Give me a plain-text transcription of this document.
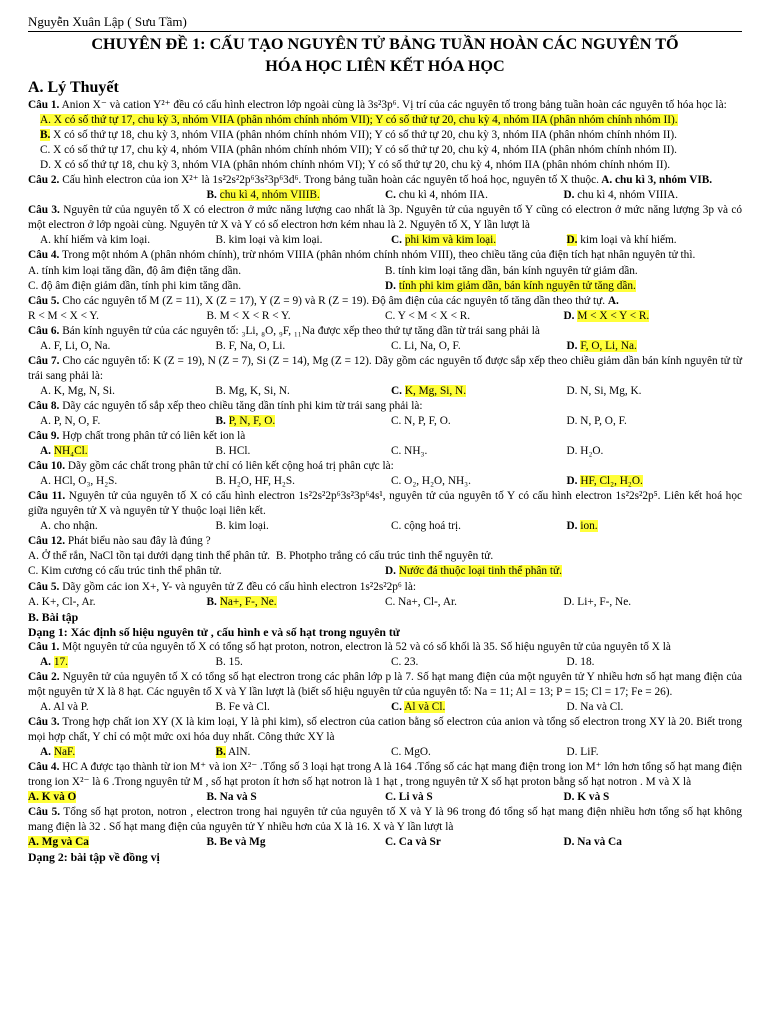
Nguyễn Xuân Lập ( Sưu Tầm)
CHUYÊN ĐỀ 1: CẤU TẠO NGUYÊN TỬ BẢNG TUẦN HOÀN CÁC NGUYÊN TỐ
HÓA HỌC LIÊN KẾT HÓA HỌC
A. Lý Thuyết
Câu 1. Anion X⁻ và cation Y²⁺ đều có cấu hình electron lớp ngoài cùng là 3s²3p⁶. Vị trí của các nguyên tố trong bảng tuần hoàn các nguyên tố hóa học là:
A. X có số thứ tự 17, chu kỳ 3, nhóm VIIA (phân nhóm chính nhóm VII); Y có số thứ tự 20, chu kỳ 4, nhóm IIA (phân nhóm chính nhóm II).
B. X có số thứ tự 18, chu kỳ 3, nhóm VIIA (phân nhóm chính nhóm VII); Y có số thứ tự 20, chu kỳ 3, nhóm IIA (phân nhóm chính nhóm II).
C. X có số thứ tự 17, chu kỳ 4, nhóm VIIA (phân nhóm chính nhóm VII); Y có số thứ tự 20, chu kỳ 4, nhóm IIA (phân nhóm chính nhóm II).
D. X có số thứ tự 18, chu kỳ 3, nhóm VIA (phân nhóm chính nhóm VI); Y có số thứ tự 20, chu kỳ 4, nhóm IIA (phân nhóm chính nhóm II).
Câu 2. Cấu hình electron của ion X²⁺ là 1s²2s²2p⁶3s²3p⁶3d⁶. Trong bảng tuần hoàn các nguyên tố hoá học, nguyên tố X thuộc. A. chu kì 3, nhóm VIB.
B. chu kì 4, nhóm VIIIB.	C. chu kì 4, nhóm IIA.	D. chu kì 4, nhóm VIIIA.
Câu 3. Nguyên tử của nguyên tố X có electron ở mức năng lượng cao nhất là 3p. Nguyên tử của nguyên tố Y cũng có electron ở mức năng lượng 3p và có một electron ở lớp ngoài cùng. Nguyên tử X và Y có số electron hơn kém nhau là 2. Nguyên tố X, Y lần lượt là
A. khí hiếm và kim loại.	B. kim loại và kim loại.	C. phi kim và kim loại.	D. kim loại và khí hiếm.
Câu 4. Trong một nhóm A (phân nhóm chính), trừ nhóm VIIIA (phân nhóm chính nhóm VIII), theo chiều tăng của điện tích hạt nhân nguyên tử thì.
A. tính kim loại tăng dần, độ âm điện tăng dần.	B. tính kim loại tăng dần, bán kính nguyên tử giảm dần.
C. độ âm điện giảm dần, tính phi kim tăng dần.	D. tính phi kim giảm dần, bán kính nguyên tử tăng dần.
Câu 5. Cho các nguyên tố M (Z = 11), X (Z = 17), Y (Z = 9) và R (Z = 19). Độ âm điện của các nguyên tố tăng dần theo thứ tự. A.
R < M < X < Y.	B. M < X < R < Y.	C. Y < M < X < R.	D. M < X < Y < R.
Câu 6. Bán kính nguyên tử của các nguyên tố: ₃Li, ₈O, ₉F, ₁₁Na được xếp theo thứ tự tăng dần từ trái sang phải là
A. F, Li, O, Na.	B. F, Na, O, Li.	C. Li, Na, O, F.	D. F, O, Li, Na.
Câu 7. Cho các nguyên tố: K (Z = 19), N (Z = 7), Si (Z = 14), Mg (Z = 12). Dãy gồm các nguyên tố được sắp xếp theo chiều giảm dần bán kính nguyên tử từ trái sang phải là:
A. K, Mg, N, Si.	B. Mg, K, Si, N.	C. K, Mg, Si, N.	D. N, Si, Mg, K.
Câu 8. Dãy các nguyên tố sắp xếp theo chiều tăng dần tính phi kim từ trái sang phải là:
A. P, N, O, F.	B. P, N, F, O.	C. N, P, F, O.	D. N, P, O, F.
Câu 9. Hợp chất trong phân tử có liên kết ion là
A. NH₄Cl.	B. HCl.	C. NH₃.	D. H₂O.
Câu 10. Dãy gồm các chất trong phân tử chỉ có liên kết cộng hoá trị phân cực là:
A. HCl, O₃, H₂S.	B. H₂O, HF, H₂S.	C. O₂, H₂O, NH₃.	D. HF, Cl₂, H₂O.
Câu 11. Nguyên tử của nguyên tố X có cấu hình electron 1s²2s²2p⁶3s²3p⁶4s¹, nguyên tử của nguyên tố Y có cấu hình electron 1s²2s²2p⁵. Liên kết hoá học giữa nguyên tử X và nguyên tử Y thuộc loại liên kết.
A. cho nhận.	B. kim loại.	C. cộng hoá trị.	D. ion.
Câu 12. Phát biểu nào sau đây là đúng ?
A. Ở thể rắn, NaCl tồn tại dưới dạng tinh thể phân tử. B. Photpho trắng có cấu trúc tinh thể nguyên tử.
C. Kim cương có cấu trúc tinh thể phân tử.	D. Nước đá thuộc loại tinh thể phân tử.
Câu 5. Dãy gồm các ion X+, Y- và nguyên tử Z đều có cấu hình electron 1s²2s²2p⁶ là:
A. K+, Cl-, Ar.	B. Na+, F-, Ne.	C. Na+, Cl-, Ar.	D. Li+, F-, Ne.
B. Bài tập
Dạng 1: Xác định số hiệu nguyên tử , cấu hình e và số hạt trong nguyên tử
Câu 1. Một nguyên tử của nguyên tố X có tổng số hạt proton, notron, electron là 52 và có số khối là 35. Số hiệu nguyên tử của nguyên tố X là
A. 17.	B. 15.	C. 23.	D. 18.
Câu 2. Nguyên tử của nguyên tố X có tổng số hạt electron trong các phân lớp p là 7. Số hạt mang điện của một nguyên tử Y nhiều hơn số hạt mang điện của một nguyên tử X là 8 hạt. Các nguyên tố X và Y lần lượt là (biết số hiệu nguyên tử của nguyên tố: Na = 11; Al = 13; P = 15; Cl = 17; Fe = 26).
A. Al và P.	B. Fe và Cl.	C. Al và Cl.	D. Na và Cl.
Câu 3. Trong hợp chất ion XY (X là kim loại, Y là phi kim), số electron của cation bằng số electron của anion và tổng số electron trong XY là 20. Biết trong mọi hợp chất, Y chỉ có một mức oxi hóa duy nhất. Công thức XY là
A. NaF.	B. AlN.	C. MgO.	D. LiF.
Câu 4. HC A được tạo thành từ ion M⁺ và ion X²⁻ .Tổng số 3 loại hạt trong A là 164 .Tổng số các hạt mang điện trong ion M⁺ lớn hơn tổng số hạt mang điện trong ion X²⁻ là 6 .Trong nguyên tử M , số hạt proton ít hơn số hạt notron là 1 hạt , trong nguyên tử X số hạt proton bằng số hạt notron . M và X là
A. K và O	B. Na và S	C. Li và S	D. K và S
Câu 5. Tổng số hạt proton, notron , electron trong hai nguyên tử của nguyên tố X và Y là 96 trong đó tổng số hạt mang điện nhiều hơn tổng số hạt không mang điện là 32 . Số hạt mang điện của nguyên tử Y nhiều hơn của X là 16. X và Y lần lượt là
A. Mg và Ca	B. Be và Mg	C. Ca và Sr	D. Na và Ca
Dạng 2: bài tập về đồng vị
